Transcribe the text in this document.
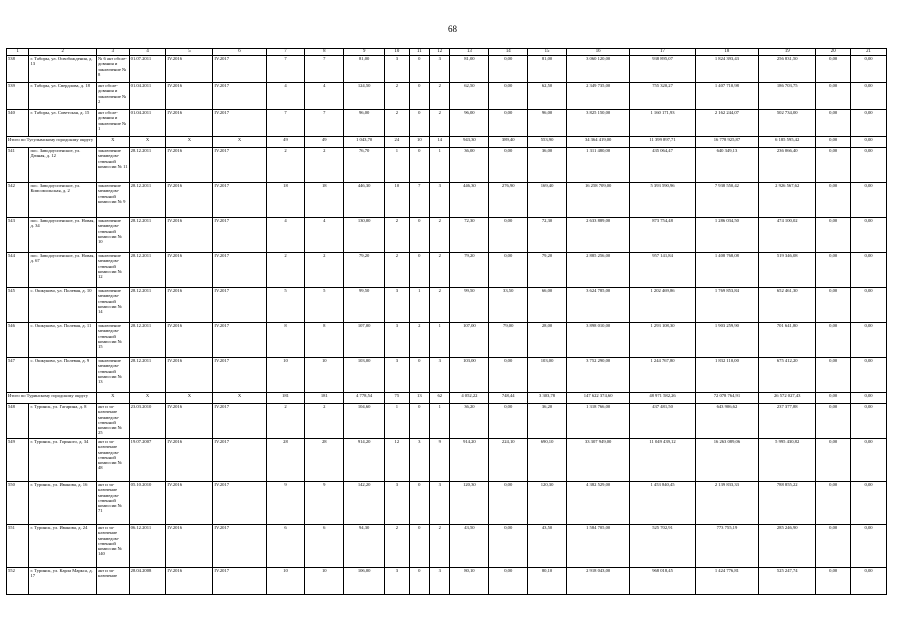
68
1	2	3	4	5	6	7	8	9	10	11	12	13	14	15	16	17	18	19	20	21
538	г. Таборы, ул. Освобождения, д. 13	№ 6 акт обсле-дования и заключение № 8	01.07.2011	IV.2016	IV.2017	7	7	81,00	3	0	3	81,00	0,00	81,00	3 060 120,00	938 895,07	1 824 393,43	256 831,50	0,00	0,00
539	г. Таборы, ул. Свердлова, д. 18	акт обсле-дования и заключение № 2	01.04.2011	IV.2016	IV.2017	4	4	124,50	2	0	2	62,50	0,00	62,50	2 349 735,00	755 320,27	1 407 710,98	186 703,75	0,00	0,00
540	г. Таборы, ул. Советская, д. 15	акт обсле-дования и заключение № 1	01.04.2011	IV.2016	IV.2017	7	7	96,00	2	0	2	96,00	0,00	96,00	3 825 150,00	1 160 171,93	2 162 244,07	502 734,00	0,00	0,00
Итого по Тугулымскому городскому округу		X	X	X	X	49	49	1 043,70	24	10	14	943,30	389,40	553,90	34 364 419,00	11 399 897,71	16 778 925,87	6 185 595,42	0,00	0,00
541	пос. Заводоуспенское, ул. Дачная, д. 12	заключение межведом-ственной комиссии № 11	28.12.2011	IV.2016	IV.2017	2	2	76,70	1	0	1	36,00	0,00	36,00	1 311 480,00	435 064,47	640 349,13	236 066,40	0,00	0,00
542	пос. Заводоуспенское, ул. Комсомольская, д. 2	заключение межведом-ственной комиссии № 9	28.12.2011	IV.2016	IV.2017	18	18	446,30	10	7	3	446,30	276,90	169,40	16 258 709,00	5 393 590,96	7 938 550,42	2 926 567,62	0,00	0,00
543	пос. Заводоуспенское, ул. Новая, д. 34	заключение межведом-ственной комиссии № 10	28.12.2011	IV.2016	IV.2017	4	4	130,00	2	0	2	72,30	0,00	72,30	2 633 889,00	873 754,48	1 286 034,50	474 100,02	0,00	0,00
544	пос. Заводоуспенское, ул. Новая, д. 67	заключение межведом-ственной комиссии № 12	28.12.2011	IV.2016	IV.2017	2	2	79,20	2	0	2	79,20	0,00	79,20	2 885 256,00	957 141,84	1 408 768,08	519 346,08	0,00	0,00
545	с. Ошкуково, ул. Полевая, д. 10	заключение межведом-ственной комиссии № 14	28.12.2011	IV.2016	IV.2017	5	5	99,50	3	1	2	99,50	33,50	66,00	3 624 785,00	1 202 469,86	1 769 853,84	652 461,30	0,00	0,00
546	с. Ошкуково, ул. Полевая, д. 11	заключение межведом-ственной комиссии № 15	28.12.2011	IV.2016	IV.2017	8	8	107,00	3	2	1	107,00	79,00	28,00	3 898 010,00	1 293 108,30	1 903 259,90	701 641,80	0,00	0,00
547	с. Ошкуково, ул. Полевая, д. 9	заключение межведом-ственной комиссии № 13	28.12.2011	IV.2016	IV.2017	10	10	103,00	3	0	3	103,00	0,00	103,00	3 752 290,00	1 244 767,80	1 832 110,00	675 412,20	0,00	0,00
Итого по Туринскому городскому округу		X	X	X	X	181	181	4 778,54	75	13	62	4 052,22	748,44	3 303,78	147 622 374,60	48 971 582,26	72 078 764,91	26 572 027,43	0,00	0,00
548	г. Туринск, ул. Гагарина, д. 8	акт и за-ключение межведом-ственной комиссии № 25	23.03.2010	IV.2016	IV.2017	2	2	104,60	1	0	1	36,20	0,00	36,20	1 318 766,00	437 481,50	643 906,62	237 377,88	0,00	0,00
549	г. Туринск, ул. Горького, д. 34	акт и за-ключение межведом-ственной комиссии № 48	19.07.2007	IV.2016	IV.2017	28	28	914,20	12	3	9	914,20	224,10	690,10	33 307 949,00	11 049 439,12	16 263 089,06	5 995 430,82	0,00	0,00
550	г. Туринск, ул. Иванова, д. 16	акт и за-ключение межведом-ственной комиссии № 71	05.10.2010	IV.2016	IV.2017	9	9	142,20	3	0	3	120,30	0,00	120,30	4 382 529,00	1 453 840,45	2 139 833,33	788 855,22	0,00	0,00
551	г. Туринск, ул. Иванова, д. 24	акт и за-ключение межведом-ственной комиссии № 140	06.12.2011	IV.2016	IV.2017	6	6	94,30	2	0	2	43,50	0,00	43,50	1 584 705,00	525 702,91	773 755,19	285 246,90	0,00	0,00
552	г. Туринск, ул. Карла Маркса, д. 17	акт и за-ключение	28.04.2008	IV.2016	IV.2017	10	10	106,00	3	0	3	80,10	0,00	80,10	2 918 043,00	968 018,45	1 424 776,81	525 247,74	0,00	0,00
